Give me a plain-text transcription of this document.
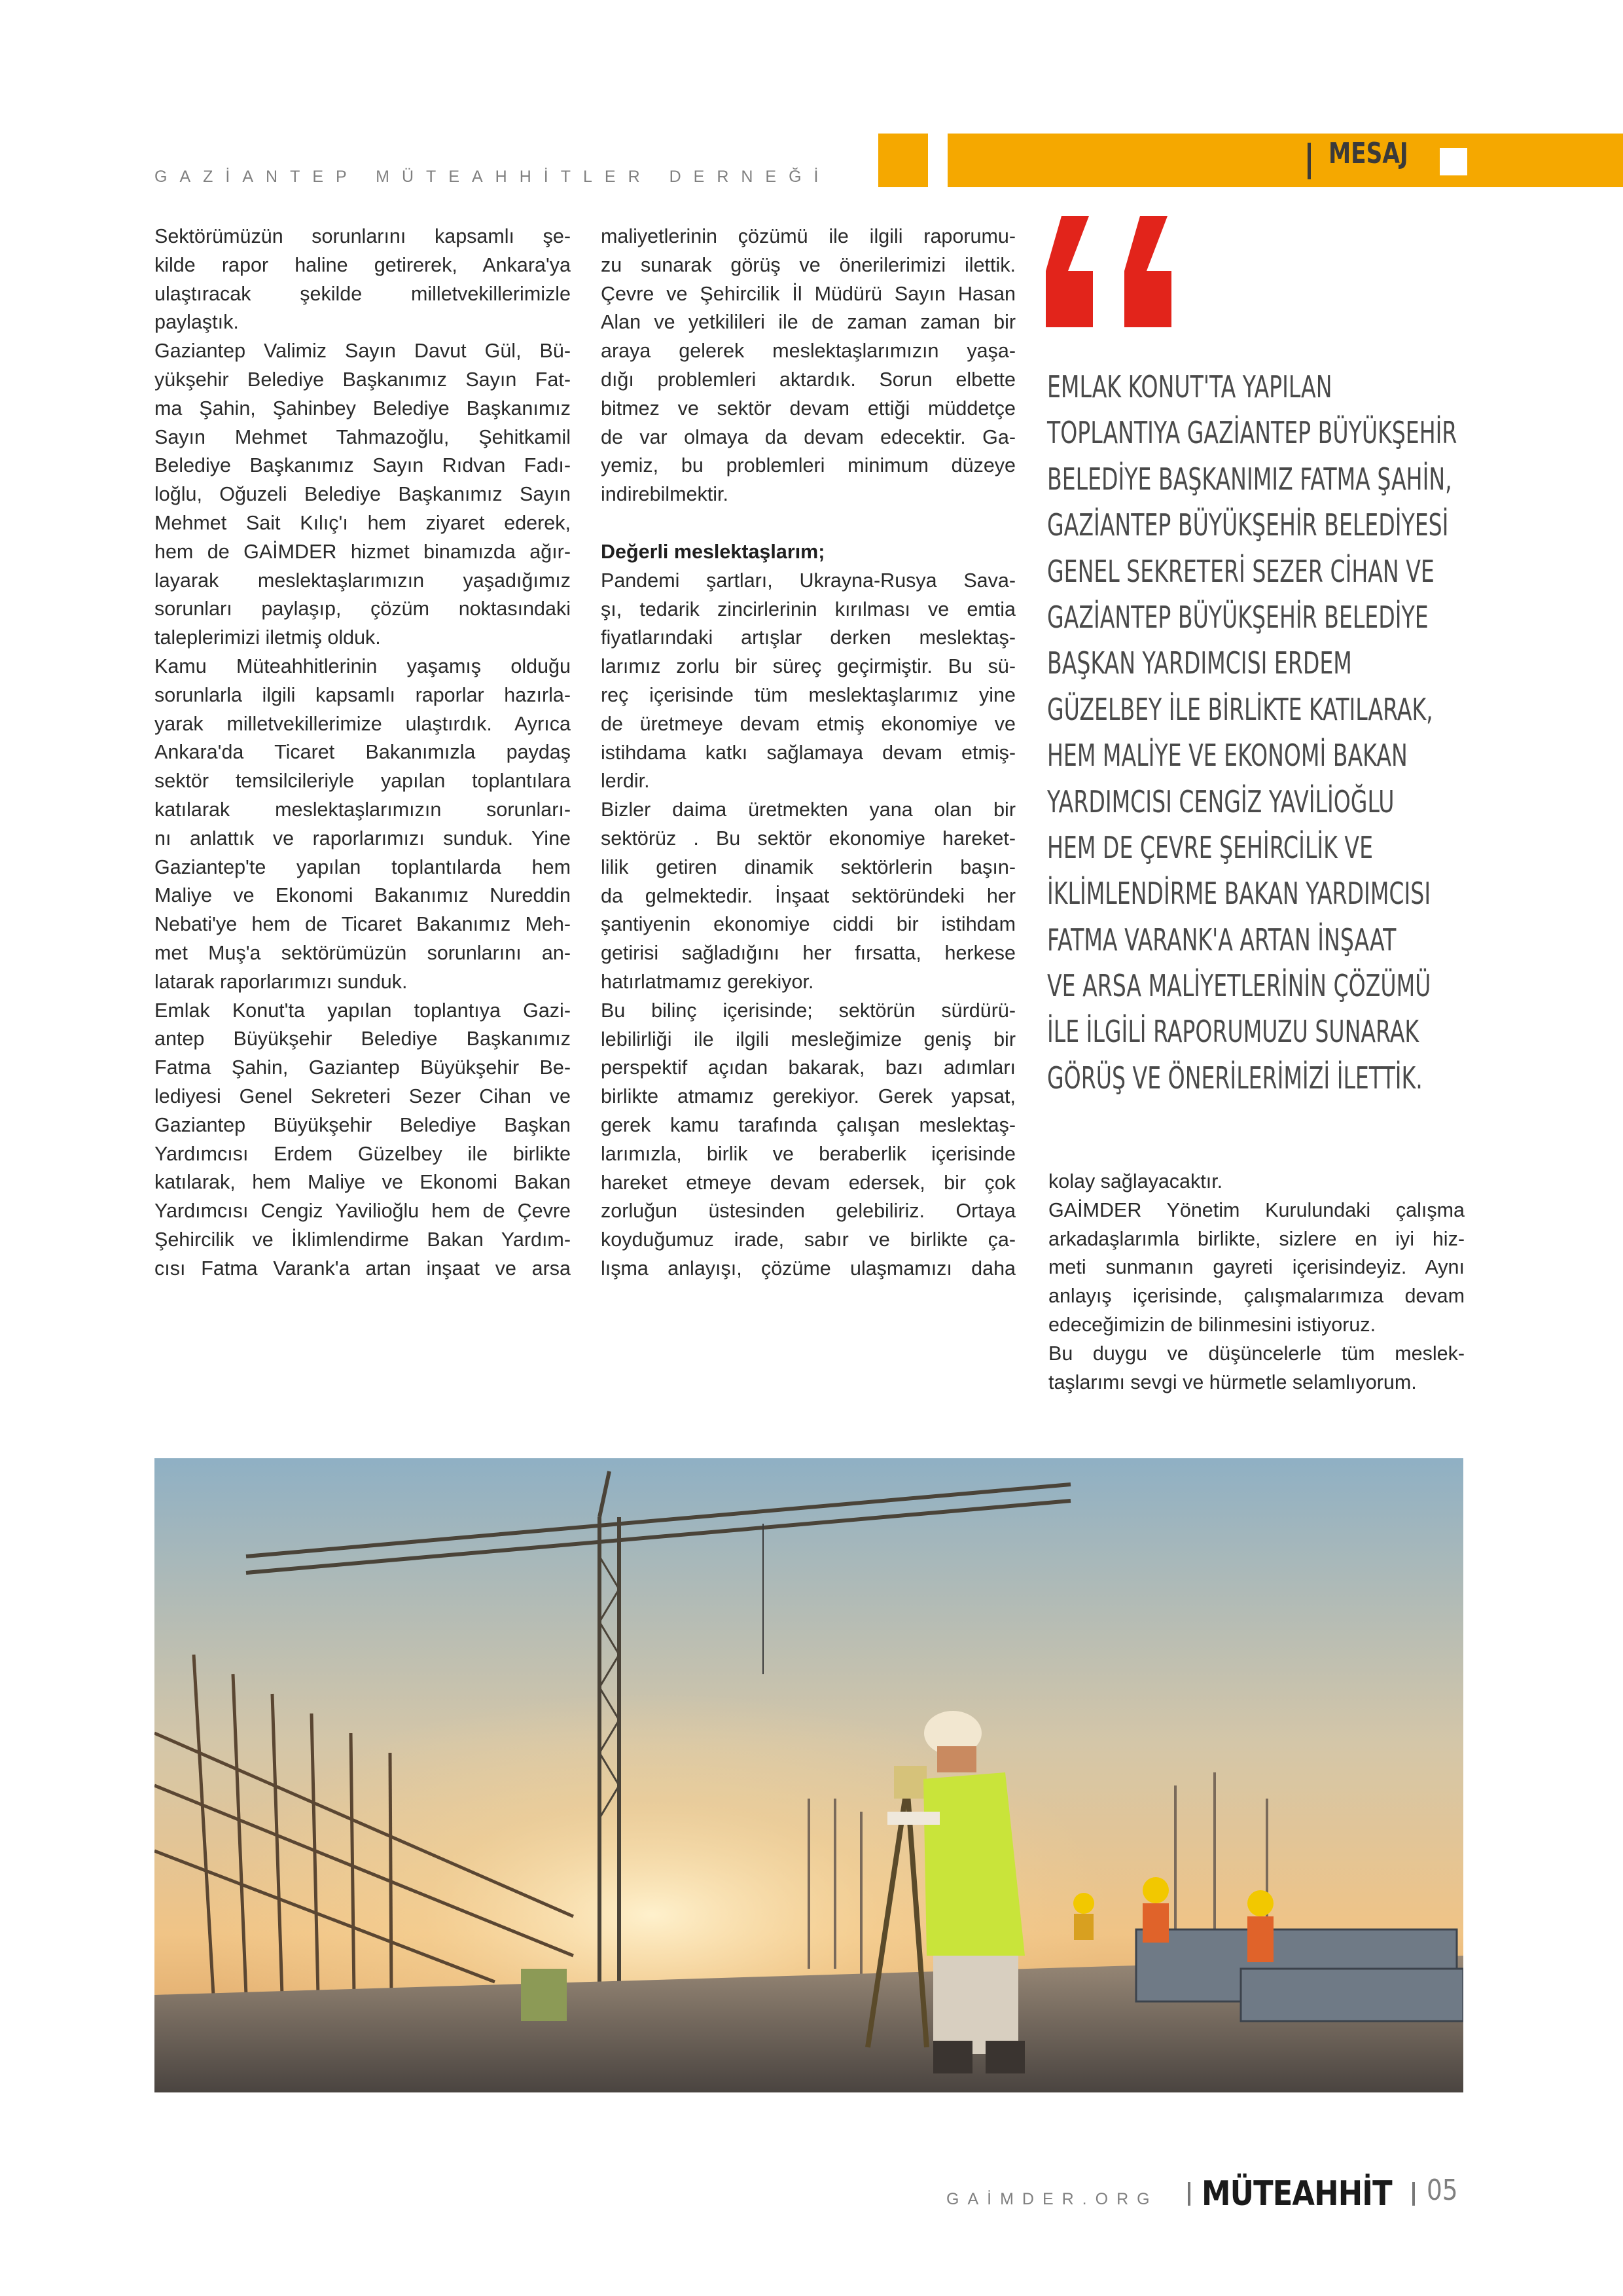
GAZİANTEP MÜTEAHHİTLER DERNEĞİ
MESAJ

Sektörümüzün sorunlarını kapsamlı şe-

kilde rapor haline getirerek, Ankara'ya

ulaştıracak şekilde milletvekillerimizle

paylaştık.

Gaziantep Valimiz Sayın Davut Gül, Bü-

yükşehir Belediye Başkanımız Sayın Fat-

ma Şahin, Şahinbey Belediye Başkanımız

Sayın Mehmet Tahmazoğlu, Şehitkamil

Belediye Başkanımız Sayın Rıdvan Fadı-

loğlu, Oğuzeli Belediye Başkanımız Sayın

Mehmet Sait Kılıç'ı hem ziyaret ederek,

hem de GAİMDER hizmet binamızda ağır-

layarak meslektaşlarımızın yaşadığımız

sorunları paylaşıp, çözüm noktasındaki

taleplerimizi iletmiş olduk.

Kamu Müteahhitlerinin yaşamış olduğu

sorunlarla ilgili kapsamlı raporlar hazırla-

yarak milletvekillerimize ulaştırdık. Ayrıca

Ankara'da Ticaret Bakanımızla paydaş

sektör temsilcileriyle yapılan toplantılara

katılarak meslektaşlarımızın sorunları-

nı anlattık ve raporlarımızı sunduk. Yine

Gaziantep'te yapılan toplantılarda hem

Maliye ve Ekonomi Bakanımız Nureddin

Nebati'ye hem de Ticaret Bakanımız Meh-

met Muş'a sektörümüzün sorunlarını an-

latarak raporlarımızı sunduk.

Emlak Konut'ta yapılan toplantıya Gazi-

antep Büyükşehir Belediye Başkanımız

Fatma Şahin, Gaziantep Büyükşehir Be-

lediyesi Genel Sekreteri Sezer Cihan ve

Gaziantep Büyükşehir Belediye Başkan

Yardımcısı Erdem Güzelbey ile birlikte

katılarak, hem Maliye ve Ekonomi Bakan

Yardımcısı Cengiz Yavilioğlu hem de Çevre

Şehircilik ve İklimlendirme Bakan Yardım-

cısı Fatma Varank'a artan inşaat ve arsa

maliyetlerinin çözümü ile ilgili raporumu-

zu sunarak görüş ve önerilerimizi ilettik.

Çevre ve Şehircilik İl Müdürü Sayın Hasan

Alan ve yetkilileri ile de zaman zaman bir

araya gelerek meslektaşlarımızın yaşa-

dığı problemleri aktardık. Sorun elbette

bitmez ve sektör devam ettiği müddetçe

de var olmaya da devam edecektir. Ga-

yemiz, bu problemleri minimum düzeye

indirebilmektir.

Değerli meslektaşlarım;

Pandemi şartları, Ukrayna-Rusya Sava-

şı, tedarik zincirlerinin kırılması ve emtia

fiyatlarındaki artışlar derken meslektaş-

larımız zorlu bir süreç geçirmiştir. Bu sü-

reç içerisinde tüm meslektaşlarımız yine

de üretmeye devam etmiş ekonomiye ve

istihdama katkı sağlamaya devam etmiş-

lerdir.

Bizler daima üretmekten yana olan bir

sektörüz . Bu sektör ekonomiye hareket-

lilik getiren dinamik sektörlerin başın-

da gelmektedir. İnşaat sektöründeki her

şantiyenin ekonomiye ciddi bir istihdam

getirisi sağladığını her fırsatta, herkese

hatırlatmamız gerekiyor.

Bu bilinç içerisinde; sektörün sürdürü-

lebilirliği ile ilgili mesleğimize geniş bir

perspektif açıdan bakarak, bazı adımları

birlikte atmamız gerekiyor. Gerek yapsat,

gerek kamu tarafında çalışan meslektaş-

larımızla, birlik ve beraberlik içerisinde

hareket etmeye devam edersek, bir çok

zorluğun üstesinden gelebiliriz. Ortaya

koyduğumuz irade, sabır ve birlikte ça-

lışma anlayışı, çözüme ulaşmamızı daha

EMLAK KONUT'TA YAPILAN
TOPLANTIYA GAZİANTEP BÜYÜKŞEHİR
BELEDİYE BAŞKANIMIZ FATMA ŞAHİN,
GAZİANTEP BÜYÜKŞEHİR BELEDİYESİ
GENEL SEKRETERİ SEZER CİHAN VE
GAZİANTEP BÜYÜKŞEHİR BELEDİYE
BAŞKAN YARDIMCISI ERDEM
GÜZELBEY İLE BİRLİKTE KATILARAK,
HEM MALİYE VE EKONOMİ BAKAN
YARDIMCISI CENGİZ YAVİLİOĞLU
HEM DE ÇEVRE ŞEHİRCİLİK VE
İKLİMLENDİRME BAKAN YARDIMCISI
FATMA VARANK'A ARTAN İNŞAAT
VE ARSA MALİYETLERİNİN ÇÖZÜMÜ
İLE İLGİLİ RAPORUMUZU SUNARAK
GÖRÜŞ VE ÖNERİLERİMİZİ İLETTİK.

kolay sağlayacaktır.

GAİMDER Yönetim Kurulundaki çalışma

arkadaşlarımla birlikte, sizlere en iyi hiz-

meti sunmanın gayreti içerisindeyiz. Aynı

anlayış içerisinde, çalışmalarımıza devam

edeceğimizin de bilinmesini istiyoruz.

Bu duygu ve düşüncelerle tüm meslek-

taşlarımı sevgi ve hürmetle selamlıyorum.

GAİMDER.ORG MÜTEAHHİT 05
